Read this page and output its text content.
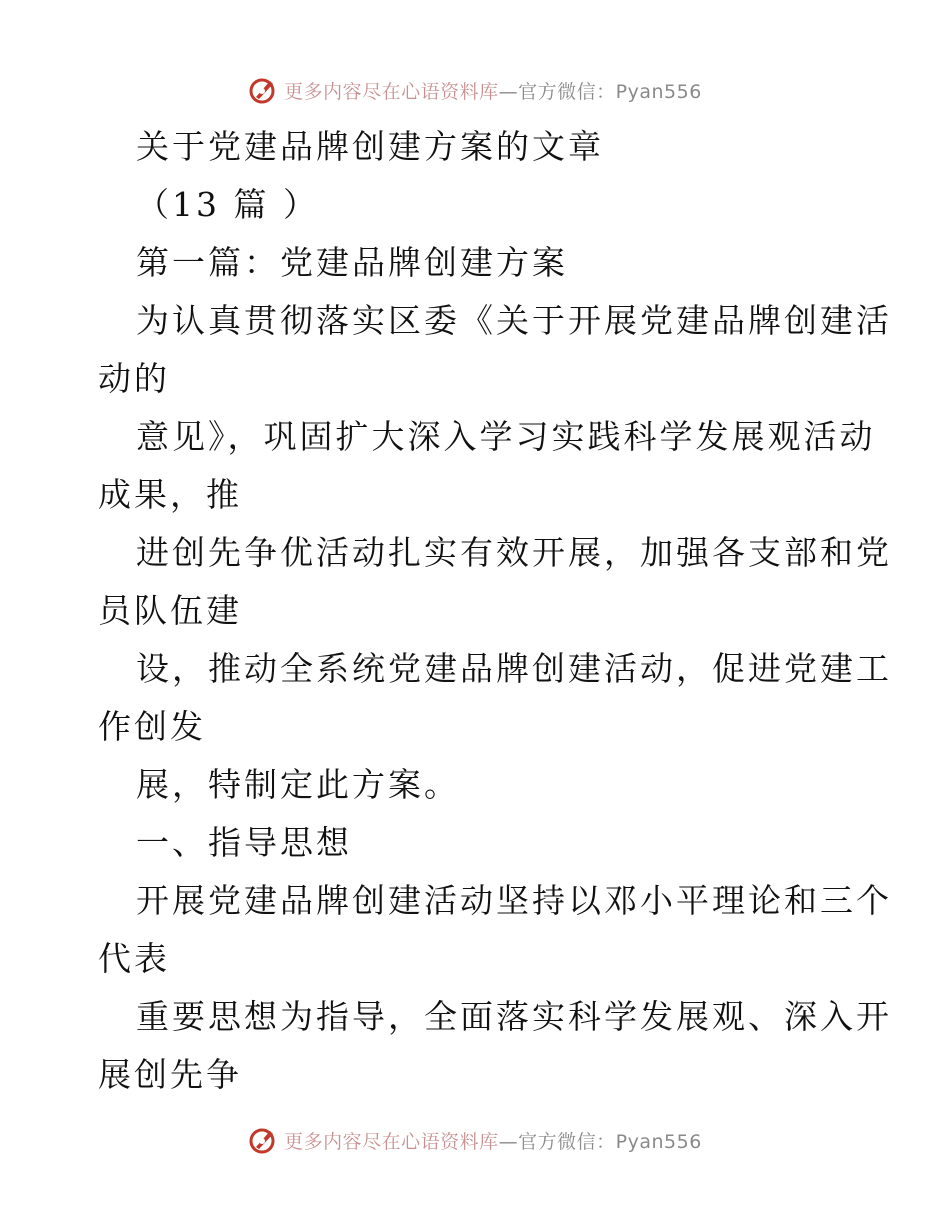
更多内容尽在心语资料库—官方微信：Pyan556
关于党建品牌创建方案的文章
（13 篇 ）
第一篇：党建品牌创建方案
为认真贯彻落实区委《关于开展党建品牌创建活
动的
意见》，巩固扩大深入学习实践科学发展观活动
成果，推
进创先争优活动扎实有效开展，加强各支部和党
员队伍建
设，推动全系统党建品牌创建活动，促进党建工
作创发
展，特制定此方案。
一、指导思想
开展党建品牌创建活动坚持以邓小平理论和三个
代表
重要思想为指导，全面落实科学发展观、深入开
展创先争
更多内容尽在心语资料库—官方微信：Pyan556
